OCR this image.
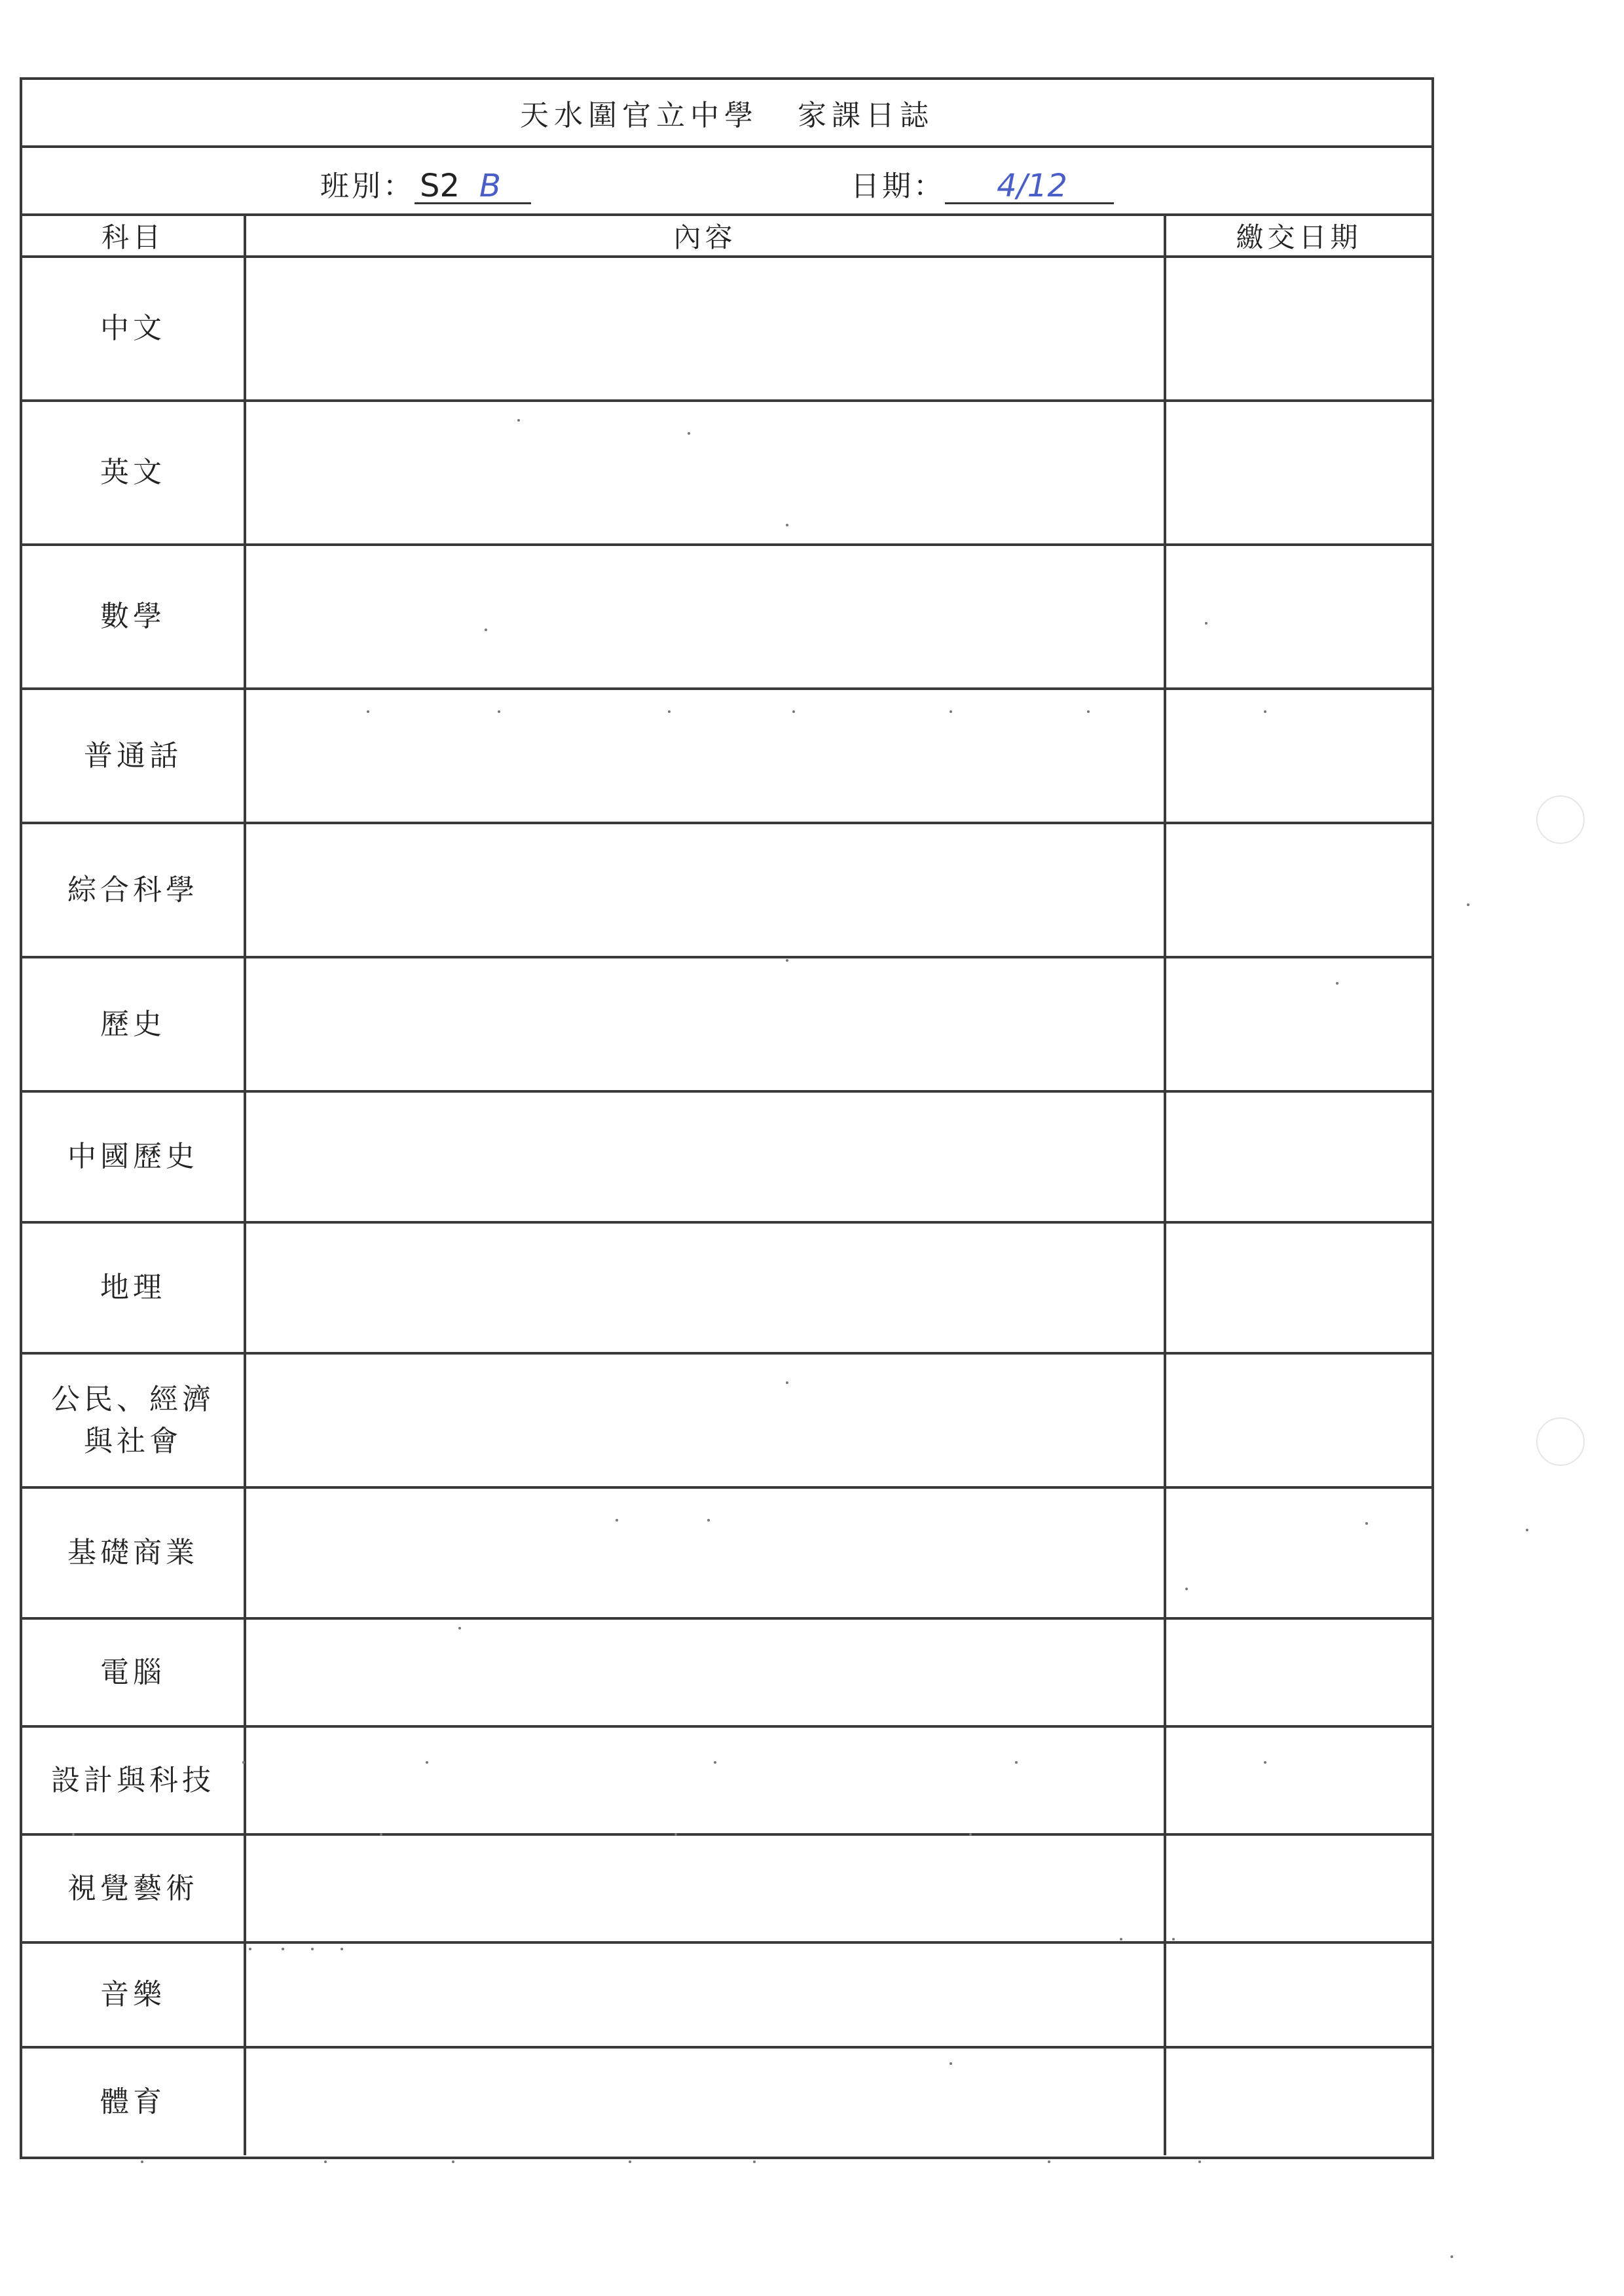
天水圍官立中學 家課日誌
班別： S2 B	日期：	4/12
科目	內容	繳交日期

中文		

英文		

數學		

普通話		

綜合科學		

歷史		

中國歷史		

地理		

公民、經濟
與社會		

基礎商業		

電腦		

設計與科技		

視覺藝術		

音樂		

體育		
